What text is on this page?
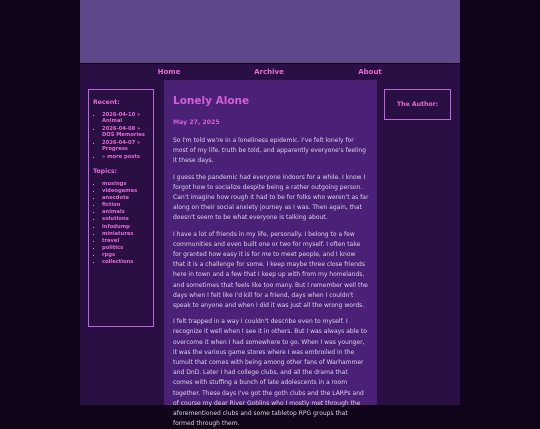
Home	Archive	About
Recent:
• 2026-04-10 » Animal
• 2026-04-08 » DOS Memories
• 2026-04-07 » Progress
• » more posts
Topics:
• musings
• videogames
• anecdote
• fiction
• animals
• solutions
• infodump
• miniatures
• travel
• politics
• rpgs
• collections
Lonely Alone
May 27, 2025

So I'm told we're in a loneliness epidemic. I've felt lonely for most of my life, truth be told, and apparently everyone's feeling it these days.

I guess the pandemic had everyone indoors for a while. I know I forgot how to socialize despite being a rather outgoing person. Can't imagine how rough it had to be for folks who weren't as far along on their social anxiety journey as I was. Then again, that doesn't seem to be what everyone is talking about.

I have a lot of friends in my life, personally. I belong to a few communities and even built one or two for myself. I often take for granted how easy it is for me to meet people, and I know that it is a challenge for some. I keep maybe three close friends here in town and a few that I keep up with from my homelands, and sometimes that feels like too many. But I remember well the days when I felt like I'd kill for a friend, days when I couldn't speak to anyone and when I did it was just all the wrong words.

I felt trapped in a way I couldn't describe even to myself. I recognize it well when I see it in others. But I was always able to overcome it when I had somewhere to go. When I was younger, it was the various game stores where I was embroiled in the tumult that comes with being among other fans of Warhammer and DnD. Later I had college clubs, and all the drama that comes with stuffing a bunch of late adolescents in a room together. These days I've got the goth clubs and the LARPs and of course my dear River Goblins who I mostly met through the aforementioned clubs and some tabletop RPG groups that formed through them.

The Author:
